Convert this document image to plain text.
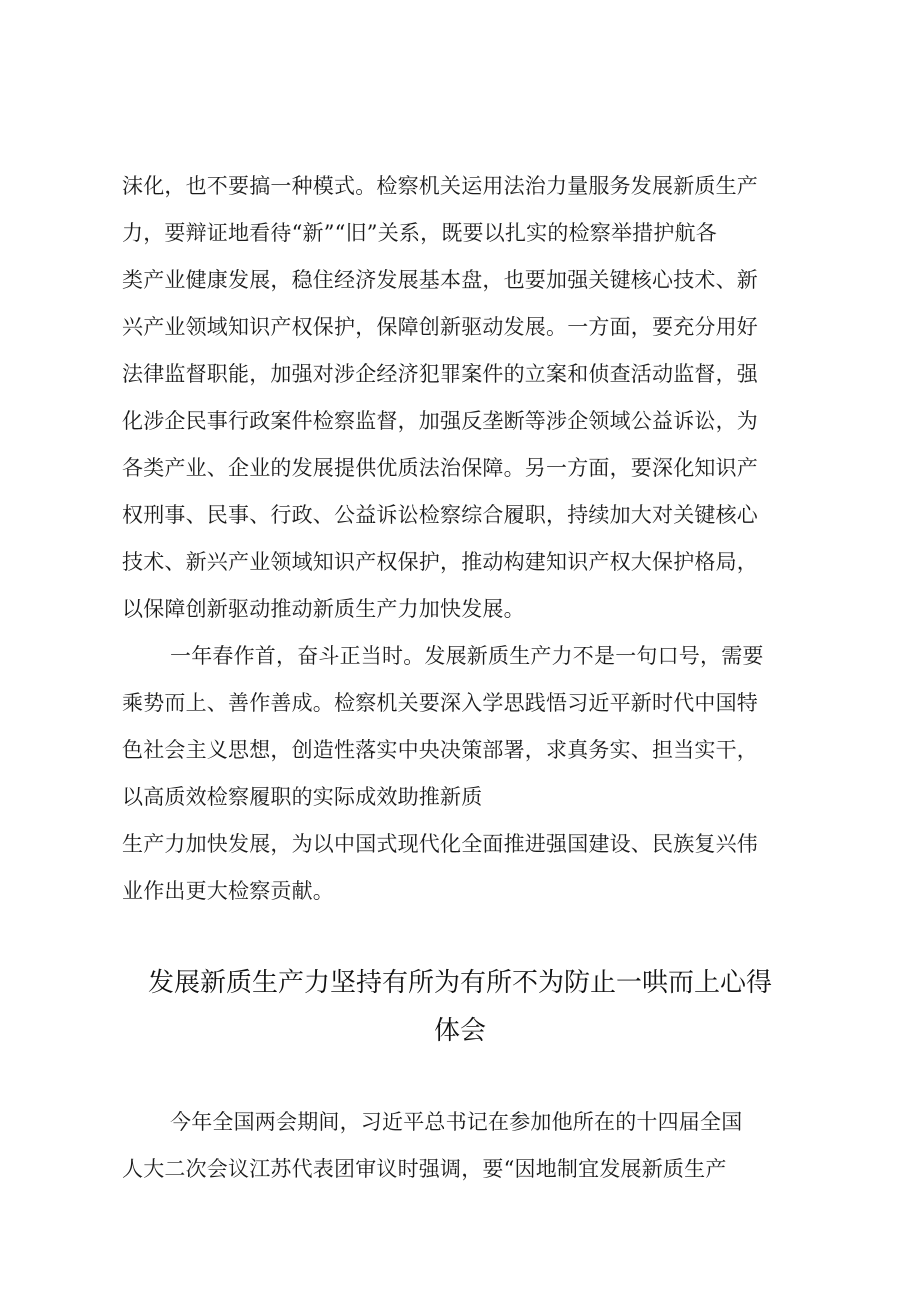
沫化，也不要搞一种模式。检察机关运用法治力量服务发展新质生产
力，要辩证地看待“新”“旧”关系，既要以扎实的检察举措护航各
类产业健康发展，稳住经济发展基本盘，也要加强关键核心技术、新
兴产业领域知识产权保护，保障创新驱动发展。一方面，要充分用好
法律监督职能，加强对涉企经济犯罪案件的立案和侦查活动监督，强
化涉企民事行政案件检察监督，加强反垄断等涉企领域公益诉讼，为
各类产业、企业的发展提供优质法治保障。另一方面，要深化知识产
权刑事、民事、行政、公益诉讼检察综合履职，持续加大对关键核心
技术、新兴产业领域知识产权保护，推动构建知识产权大保护格局，
以保障创新驱动推动新质生产力加快发展。
一年春作首，奋斗正当时。发展新质生产力不是一句口号，需要
乘势而上、善作善成。检察机关要深入学思践悟习近平新时代中国特
色社会主义思想，创造性落实中央决策部署，求真务实、担当实干，
以高质效检察履职的实际成效助推新质
生产力加快发展，为以中国式现代化全面推进强国建设、民族复兴伟
业作出更大检察贡献。
发展新质生产力坚持有所为有所不为防止一哄而上心得
体会
今年全国两会期间，习近平总书记在参加他所在的十四届全国
人大二次会议江苏代表团审议时强调，要“因地制宜发展新质生产
